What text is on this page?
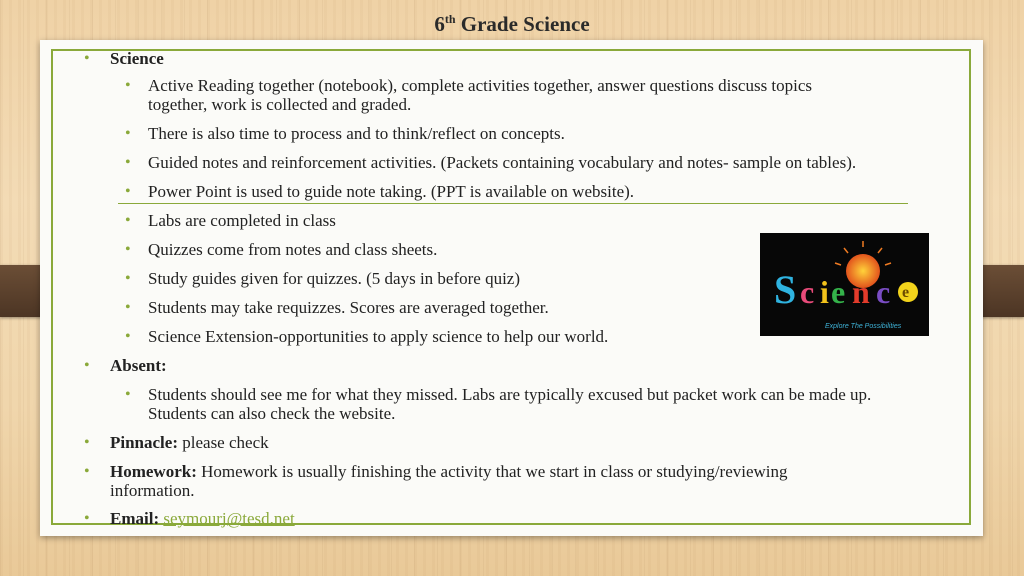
6th Grade Science
• Science
• Active Reading together (notebook), complete activities together, answer questions discuss topics together, work is collected and graded.
• There is also time to process and to think/reflect on concepts.
• Guided notes and reinforcement activities. (Packets containing vocabulary and notes- sample on tables).
• Power Point is used to guide note taking. (PPT is available on website).
• Labs are completed in class
• Quizzes come from notes and class sheets.
• Study guides given for quizzes. (5 days in before quiz)
• Students may take requizzes. Scores are averaged together.
• Science Extension-opportunities to apply science to help our world.
• Absent:
• Students should see me for what they missed. Labs are typically excused but packet work can be made up. Students can also check the website.
• Pinnacle: please check
• Homework: Homework is usually finishing the activity that we start in class or studying/reviewing information.
• Email: seymourj@tesd.net
S c i e n c e
Explore The Possibilities
